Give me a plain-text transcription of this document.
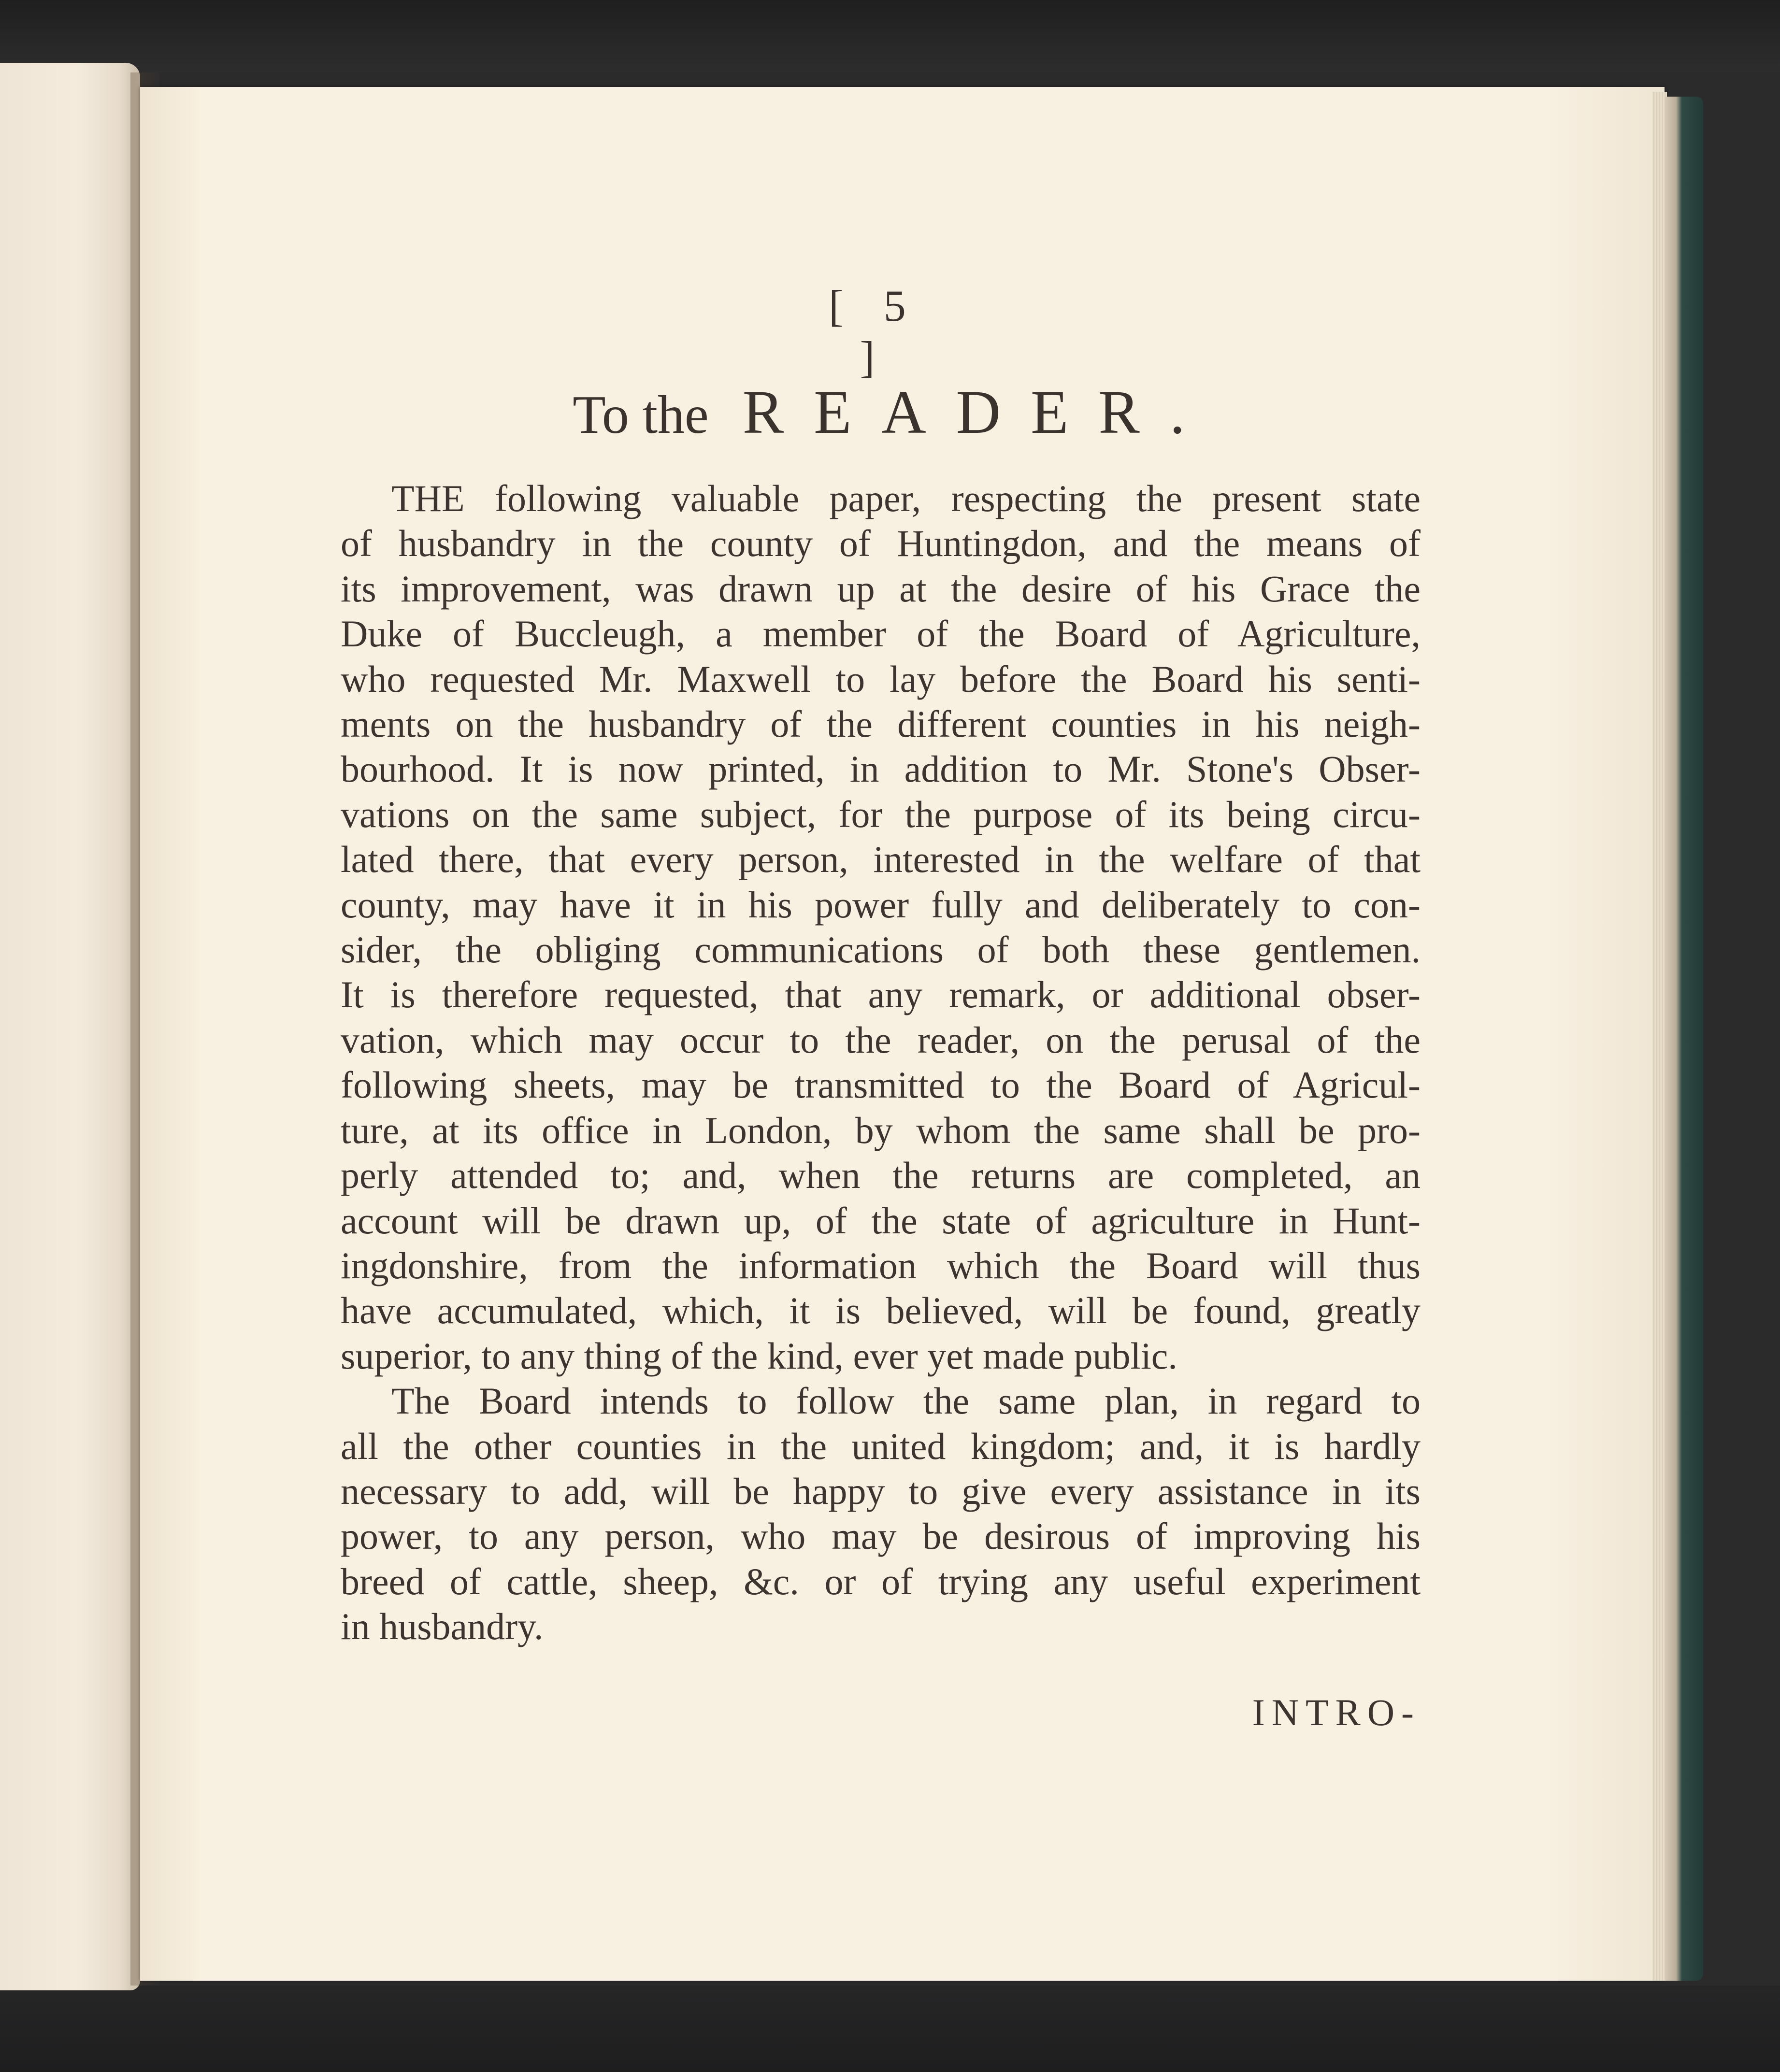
[ 5 ]
To the READER.
THE following valuable paper, respecting the present state
of husbandry in the county of Huntingdon, and the means of
its improvement, was drawn up at the desire of his Grace the
Duke of Buccleugh, a member of the Board of Agriculture,
who requested Mr. Maxwell to lay before the Board his senti-
ments on the husbandry of the different counties in his neigh-
bourhood. It is now printed, in addition to Mr. Stone's Obser-
vations on the same subject, for the purpose of its being circu-
lated there, that every person, interested in the welfare of that
county, may have it in his power fully and deliberately to con-
sider, the obliging communications of both these gentlemen.
It is therefore requested, that any remark, or additional obser-
vation, which may occur to the reader, on the perusal of the
following sheets, may be transmitted to the Board of Agricul-
ture, at its office in London, by whom the same shall be pro-
perly attended to; and, when the returns are completed, an
account will be drawn up, of the state of agriculture in Hunt-
ingdonshire, from the information which the Board will thus
have accumulated, which, it is believed, will be found, greatly
superior, to any thing of the kind, ever yet made public.
The Board intends to follow the same plan, in regard to
all the other counties in the united kingdom; and, it is hardly
necessary to add, will be happy to give every assistance in its
power, to any person, who may be desirous of improving his
breed of cattle, sheep, &c. or of trying any useful experiment
in husbandry.
INTRO-
